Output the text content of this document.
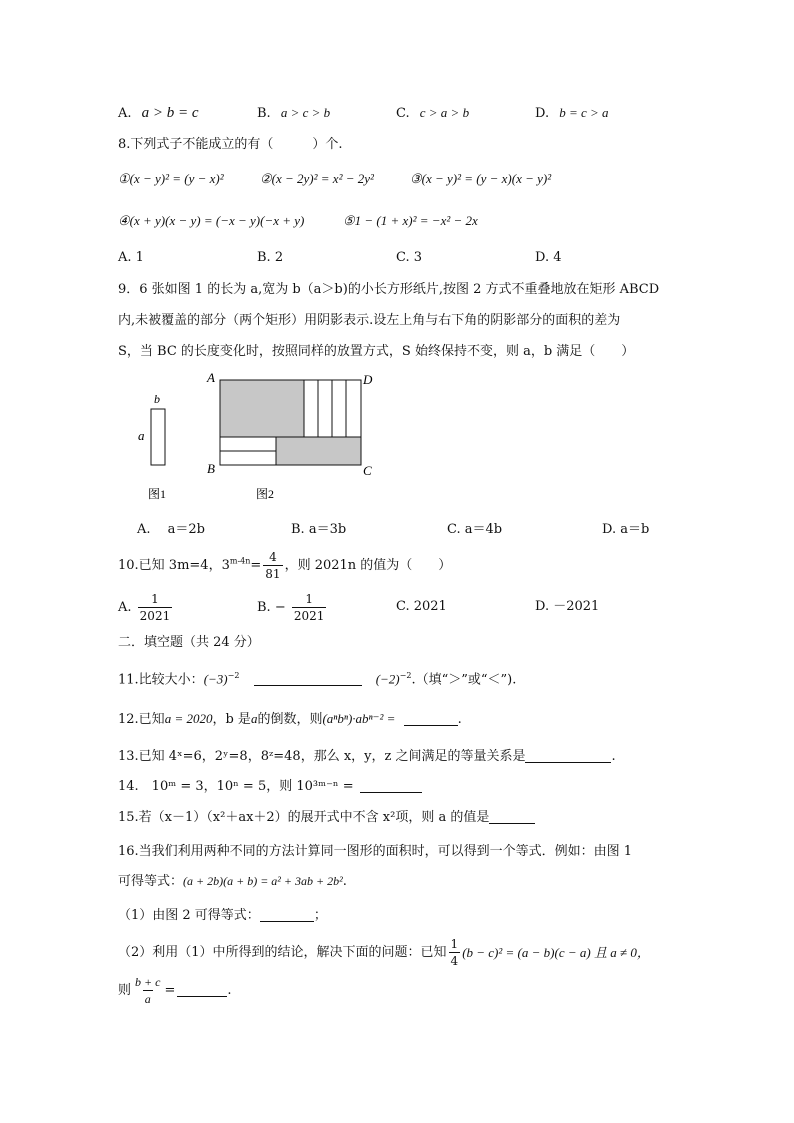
A. a > b = c	B. a > c > b	C. c > a > b	D. b = c > a
8.下列式子不能成立的有（　　　）个.
①(x − y)² = (y − x)²	②(x − 2y)² = x² − 2y²	③(x − y)² = (y − x)(x − y)²
④(x + y)(x − y) = (−x − y)(−x + y)	⑤1 − (1 + x)² = −x² − 2x
A. 1	B. 2	C. 3	D. 4
9．6 张如图 1 的长为 a,宽为 b（a＞b)的小长方形纸片,按图 2 方式不重叠地放在矩形 ABCD
内,未被覆盖的部分（两个矩形）用阴影表示.设左上角与右下角的阴影部分的面积的差为
S，当 BC 的长度变化时，按照同样的放置方式，S 始终保持不变，则 a，b 满足（　　）
b
a
图1
A	D
B	C
图2
A.　 a＝2b	B. a＝3b	C. a＝4b	D. a＝b
10.已知 3m=4，$3^{m-4n}= \frac{4}{81}$ ，则 2021n 的值为（　　）
A. $\frac{1}{2021}$	B. − $\frac{1}{2021}$	C. 2021	D. －2021
二．填空题（共 24 分）
11.比较大小：$(-3)^{-2}$	$(-2)^{-2}$.（填“＞”或“＜”).
12.已知a = 2020，b 是a的倒数，则(aⁿbⁿ)·abⁿ⁻² =	.
13.已知 4ˣ=6，2ʸ=8，8ᶻ=48，那么 x，y，z 之间满足的等量关系是	.
14.　10ᵐ = 3，10ⁿ = 5，则 10³ᵐ⁻ⁿ =
15.若（x－1）（x²＋ax＋2）的展开式中不含 x²项，则 a 的值是
16.当我们利用两种不同的方法计算同一图形的面积时，可以得到一个等式．例如：由图 1
可得等式：(a + 2b)(a + b) = a² + 3ab + 2b².
（1）由图 2 可得等式：	；
（2）利用（1）中所得到的结论，解决下面的问题：已知 $\frac{1}{4} (b - c)^2 = (a - b)(c - a)$ 且 a ≠ 0，
则 $\frac{b + c}{a}$ =	.
